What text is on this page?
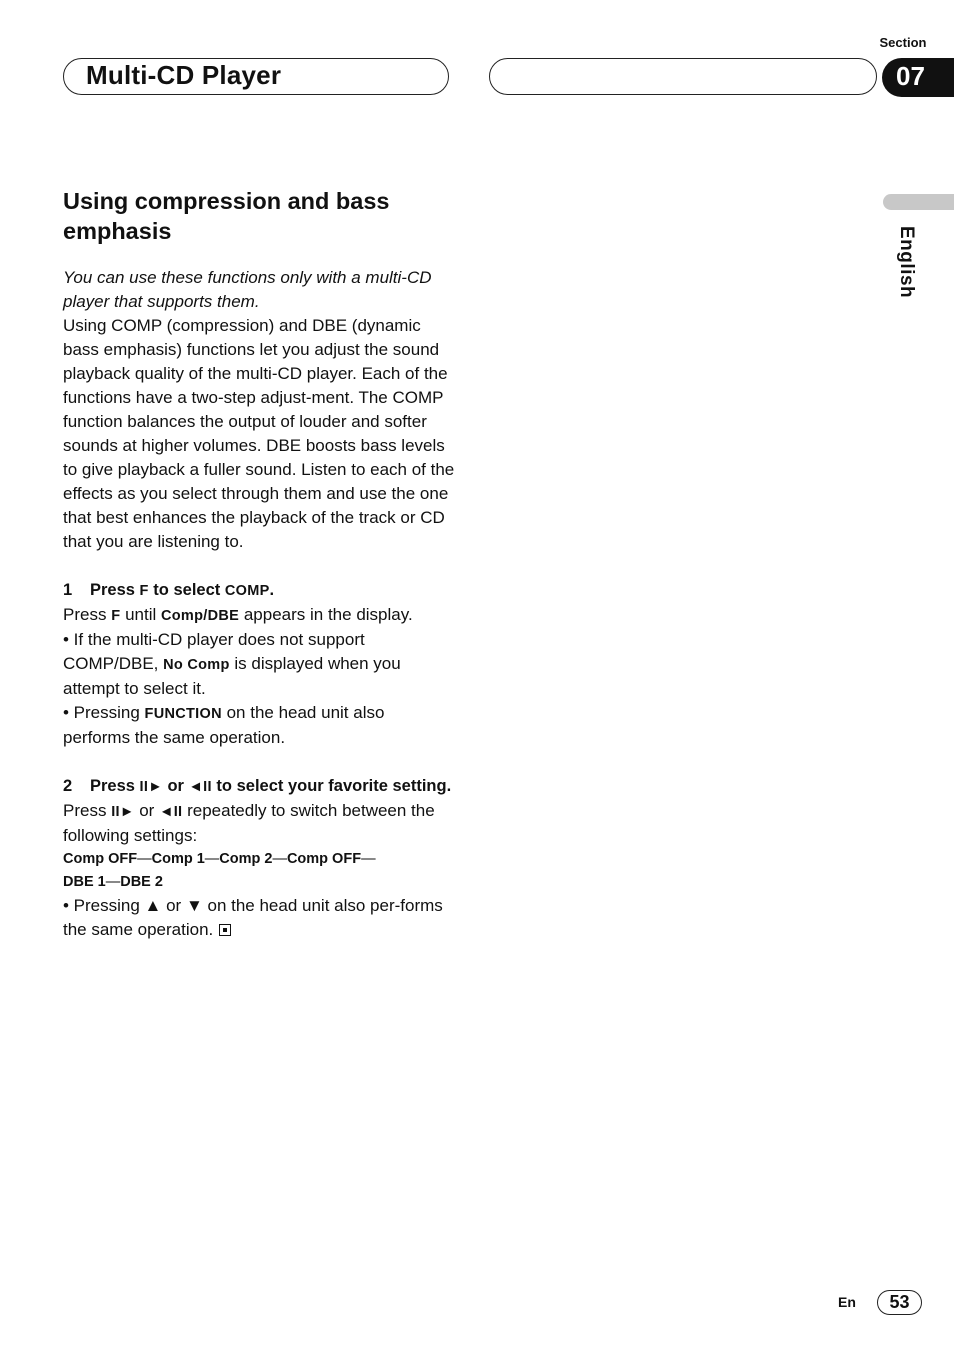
Section
Multi-CD Player	07
English
Using compression and bass emphasis

You can use these functions only with a multi-CD player that supports them.

Using COMP (compression) and DBE (dynamic bass emphasis) functions let you adjust the sound playback quality of the multi-CD player. Each of the functions have a two-step adjust-ment. The COMP function balances the output of louder and softer sounds at higher volumes. DBE boosts bass levels to give playback a fuller sound. Listen to each of the effects as you select through them and use the one that best enhances the playback of the track or CD that you are listening to.

1 Press F to select COMP.

Press F until Comp/DBE appears in the display.

• If the multi-CD player does not support COMP/DBE, No Comp is displayed when you attempt to select it.

• Pressing FUNCTION on the head unit also performs the same operation.

2 Press II► or ◄II to select your favorite setting.

Press II► or ◄II repeatedly to switch between the following settings:

Comp OFF—Comp 1—Comp 2—Comp OFF—
DBE 1—DBE 2

• Pressing ▲ or ▼ on the head unit also per-forms the same operation.

En	53
